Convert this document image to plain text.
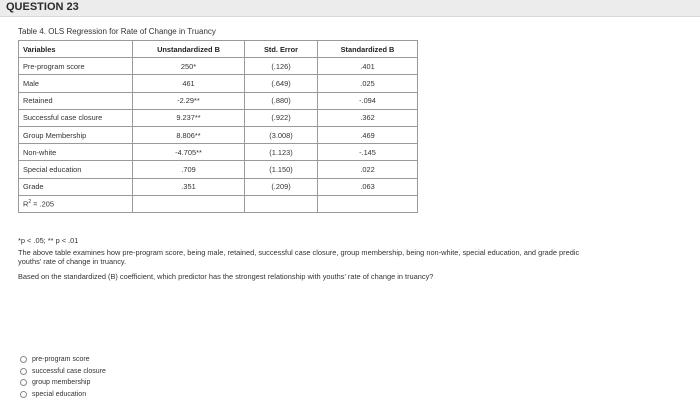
QUESTION 23
Table 4. OLS Regression for Rate of Change in Truancy
Variables	Unstandardized B	Std. Error	Standardized B
Pre-program score	250*	(.126)	.401
Male	461	(.649)	.025
Retained	-2.29**	(.880)	-.094
Successful case closure	9.237**	(.922)	.362
Group Membership	8.806**	(3.008)	.469
Non-white	-4.705**	(1.123)	-.145
Special education	.709	(1.150)	.022
Grade	.351	(.209)	.063
$R^2 = .205$			
*p < .05; ** p < .01
The above table examines how pre-program score, being male, retained, successful case closure, group membership, being non-white, special education, and grade predic
youths' rate of change in truancy.
Based on the standardized (B) coefficient, which predictor has the strongest relationship with youths' rate of change in truancy?
pre-program score
successful case closure
group membership
special education
